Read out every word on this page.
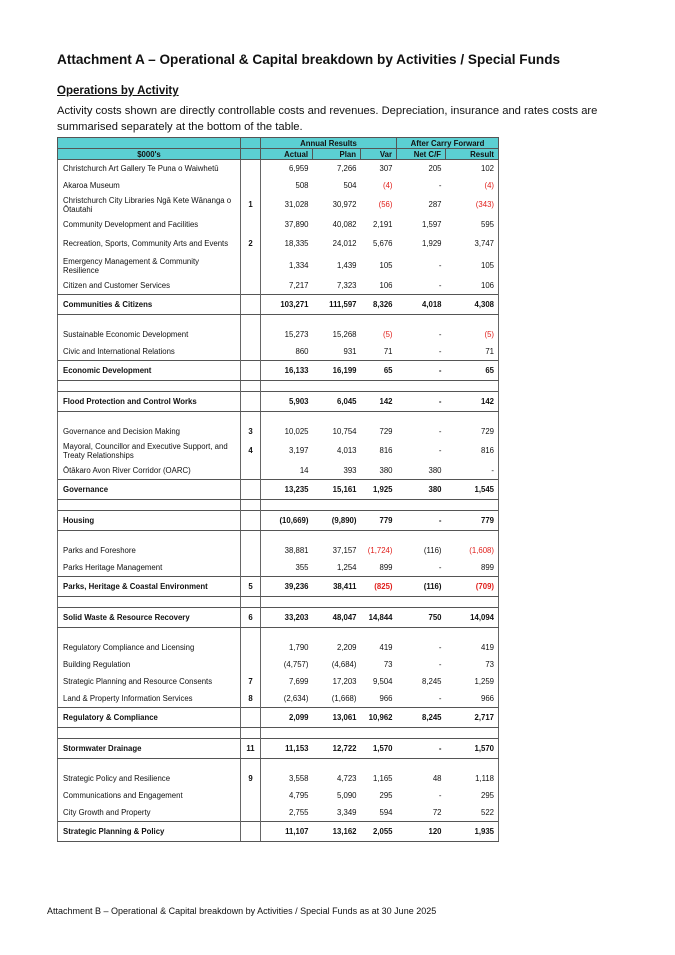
Attachment A – Operational & Capital breakdown by Activities / Special Funds
Operations by Activity

Activity costs shown are directly controllable costs and revenues. Depreciation, insurance and rates costs are summarised separately at the bottom of the table.

		Annual Results			After Carry Forward	
$000's		Actual	Plan	Var	Net C/F	Result
Christchurch Art Gallery Te Puna o Waiwhetū		6,959	7,266	307	205	102
Akaroa Museum		508	504	(4)	-	(4)
Christchurch City Libraries Ngā Kete Wānanga o Ōtautahi	1	31,028	30,972	(56)	287	(343)
Community Development and Facilities		37,890	40,082	2,191	1,597	595
Recreation, Sports, Community Arts and Events	2	18,335	24,012	5,676	1,929	3,747
Emergency Management & Community Resilience		1,334	1,439	105	-	105
Citizen and Customer Services		7,217	7,323	106	-	106
Communities & Citizens		103,271	111,597	8,326	4,018	4,308

Sustainable Economic Development		15,273	15,268	(5)	-	(5)
Civic and International Relations		860	931	71	-	71
Economic Development		16,133	16,199	65	-	65

Flood Protection and Control Works		5,903	6,045	142	-	142

Governance and Decision Making	3	10,025	10,754	729	-	729
Mayoral, Councillor and Executive Support, and Treaty Relationships	4	3,197	4,013	816	-	816
Ōtākaro Avon River Corridor (OARC)		14	393	380	380	-
Governance		13,235	15,161	1,925	380	1,545

Housing		(10,669)	(9,890)	779	-	779

Parks and Foreshore		38,881	37,157	(1,724)	(116)	(1,608)
Parks Heritage Management		355	1,254	899	-	899
Parks, Heritage & Coastal Environment	5	39,236	38,411	(825)	(116)	(709)

Solid Waste & Resource Recovery	6	33,203	48,047	14,844	750	14,094

Regulatory Compliance and Licensing		1,790	2,209	419	-	419
Building Regulation		(4,757)	(4,684)	73	-	73
Strategic Planning and Resource Consents	7	7,699	17,203	9,504	8,245	1,259
Land & Property Information Services	8	(2,634)	(1,668)	966	-	966
Regulatory & Compliance		2,099	13,061	10,962	8,245	2,717

Stormwater Drainage	11	11,153	12,722	1,570	-	1,570

Strategic Policy and Resilience	9	3,558	4,723	1,165	48	1,118
Communications and Engagement		4,795	5,090	295	-	295
City Growth and Property		2,755	3,349	594	72	522
Strategic Planning & Policy		11,107	13,162	2,055	120	1,935

Attachment B – Operational & Capital breakdown by Activities / Special Funds as at 30 June 2025
